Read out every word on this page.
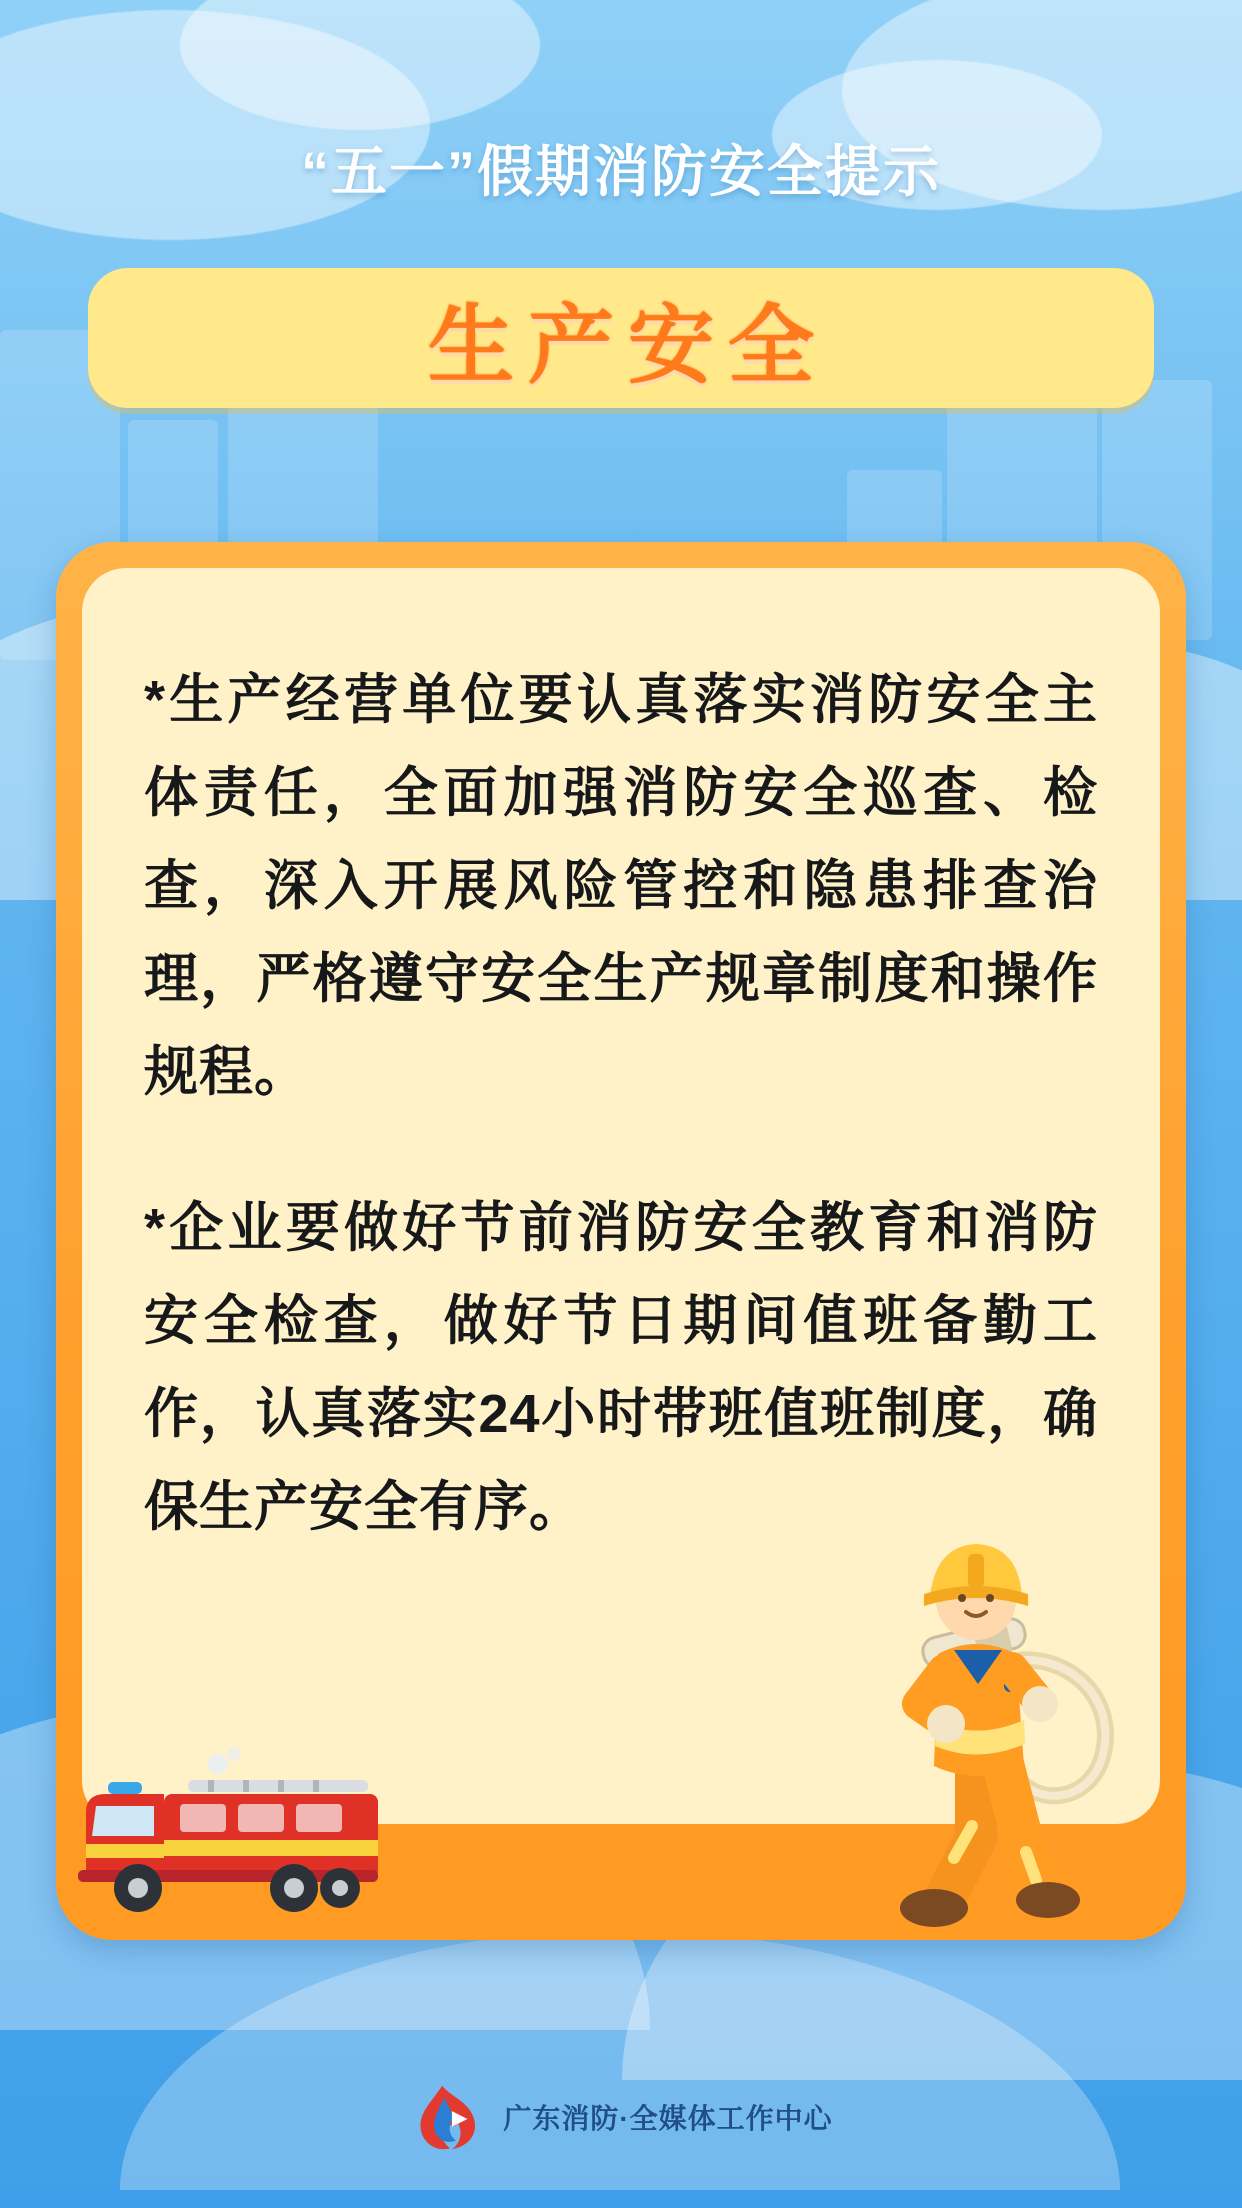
“五一”假期消防安全提示
生产安全

*生产经营单位要认真落实消防安全主体责任，全面加强消防安全巡查、检查，深入开展风险管控和隐患排查治理，严格遵守安全生产规章制度和操作规程。

*企业要做好节前消防安全教育和消防安全检查，做好节日期间值班备勤工作，认真落实24小时带班值班制度，确保生产安全有序。

广东消防·全媒体工作中心
